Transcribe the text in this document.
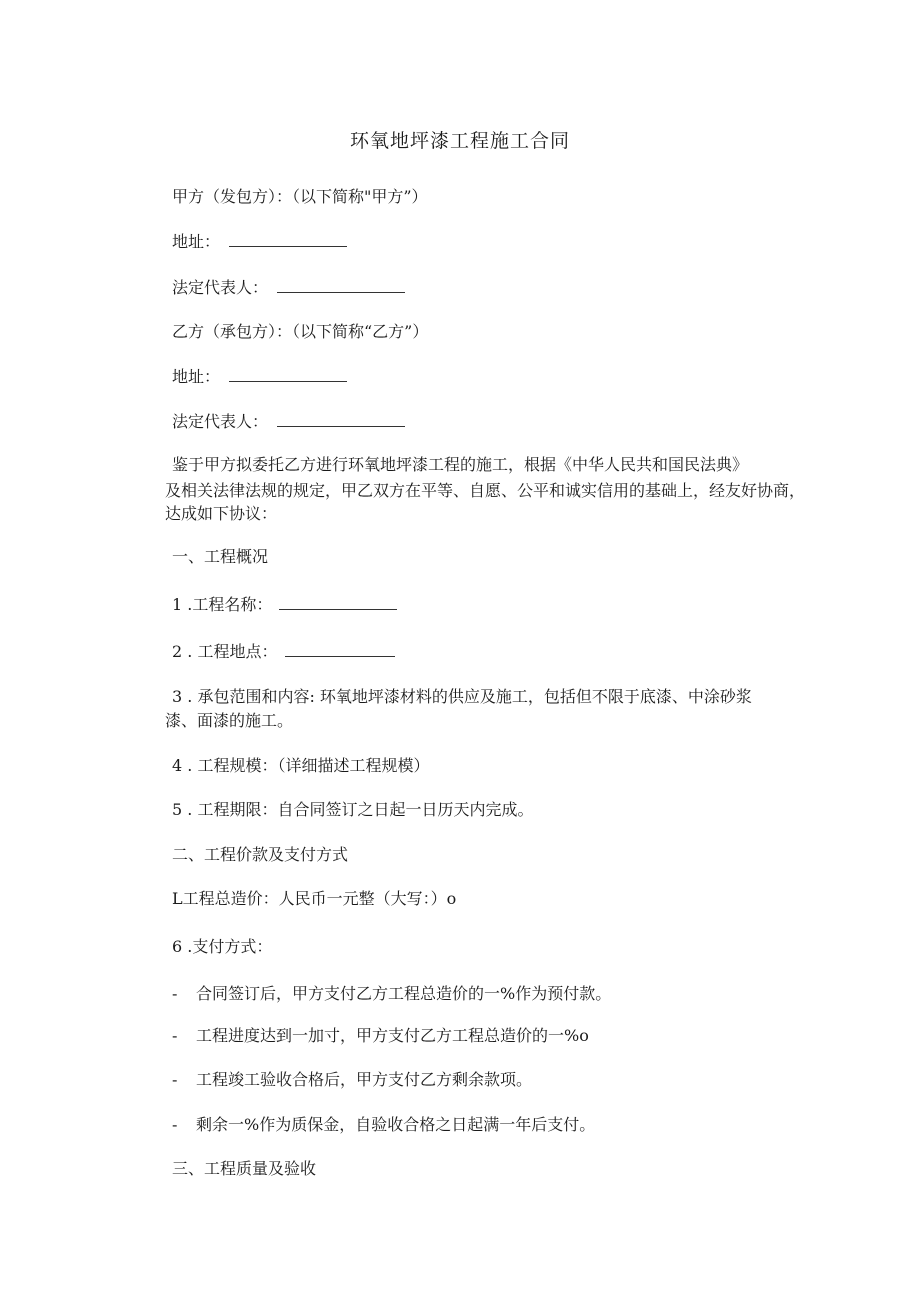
环氧地坪漆工程施工合同
甲方（发包方）：（以下简称"甲方”）
地址：
法定代表人：
乙方（承包方）：（以下简称“乙方”）
地址：
法定代表人：
鉴于甲方拟委托乙方进行环氧地坪漆工程的施工，根据《中华人民共和国民法典》
及相关法律法规的规定，甲乙双方在平等、自愿、公平和诚实信用的基础上，经友好协商，
达成如下协议：
一、工程概况
1 .工程名称：
2 . 工程地点：
3 . 承包范围和内容: 环氧地坪漆材料的供应及施工，包括但不限于底漆、中涂砂浆
漆、面漆的施工。
4 . 工程规模：（详细描述工程规模）
5 . 工程期限：自合同签订之日起一日历天内完成。
二、工程价款及支付方式
L工程总造价：人民币一元整（大写：）o
6 .支付方式：
- 合同签订后，甲方支付乙方工程总造价的一%作为预付款。
- 工程进度达到一加寸，甲方支付乙方工程总造价的一%o
- 工程竣工验收合格后，甲方支付乙方剩余款项。
- 剩余一%作为质保金，自验收合格之日起满一年后支付。
三、工程质量及验收
